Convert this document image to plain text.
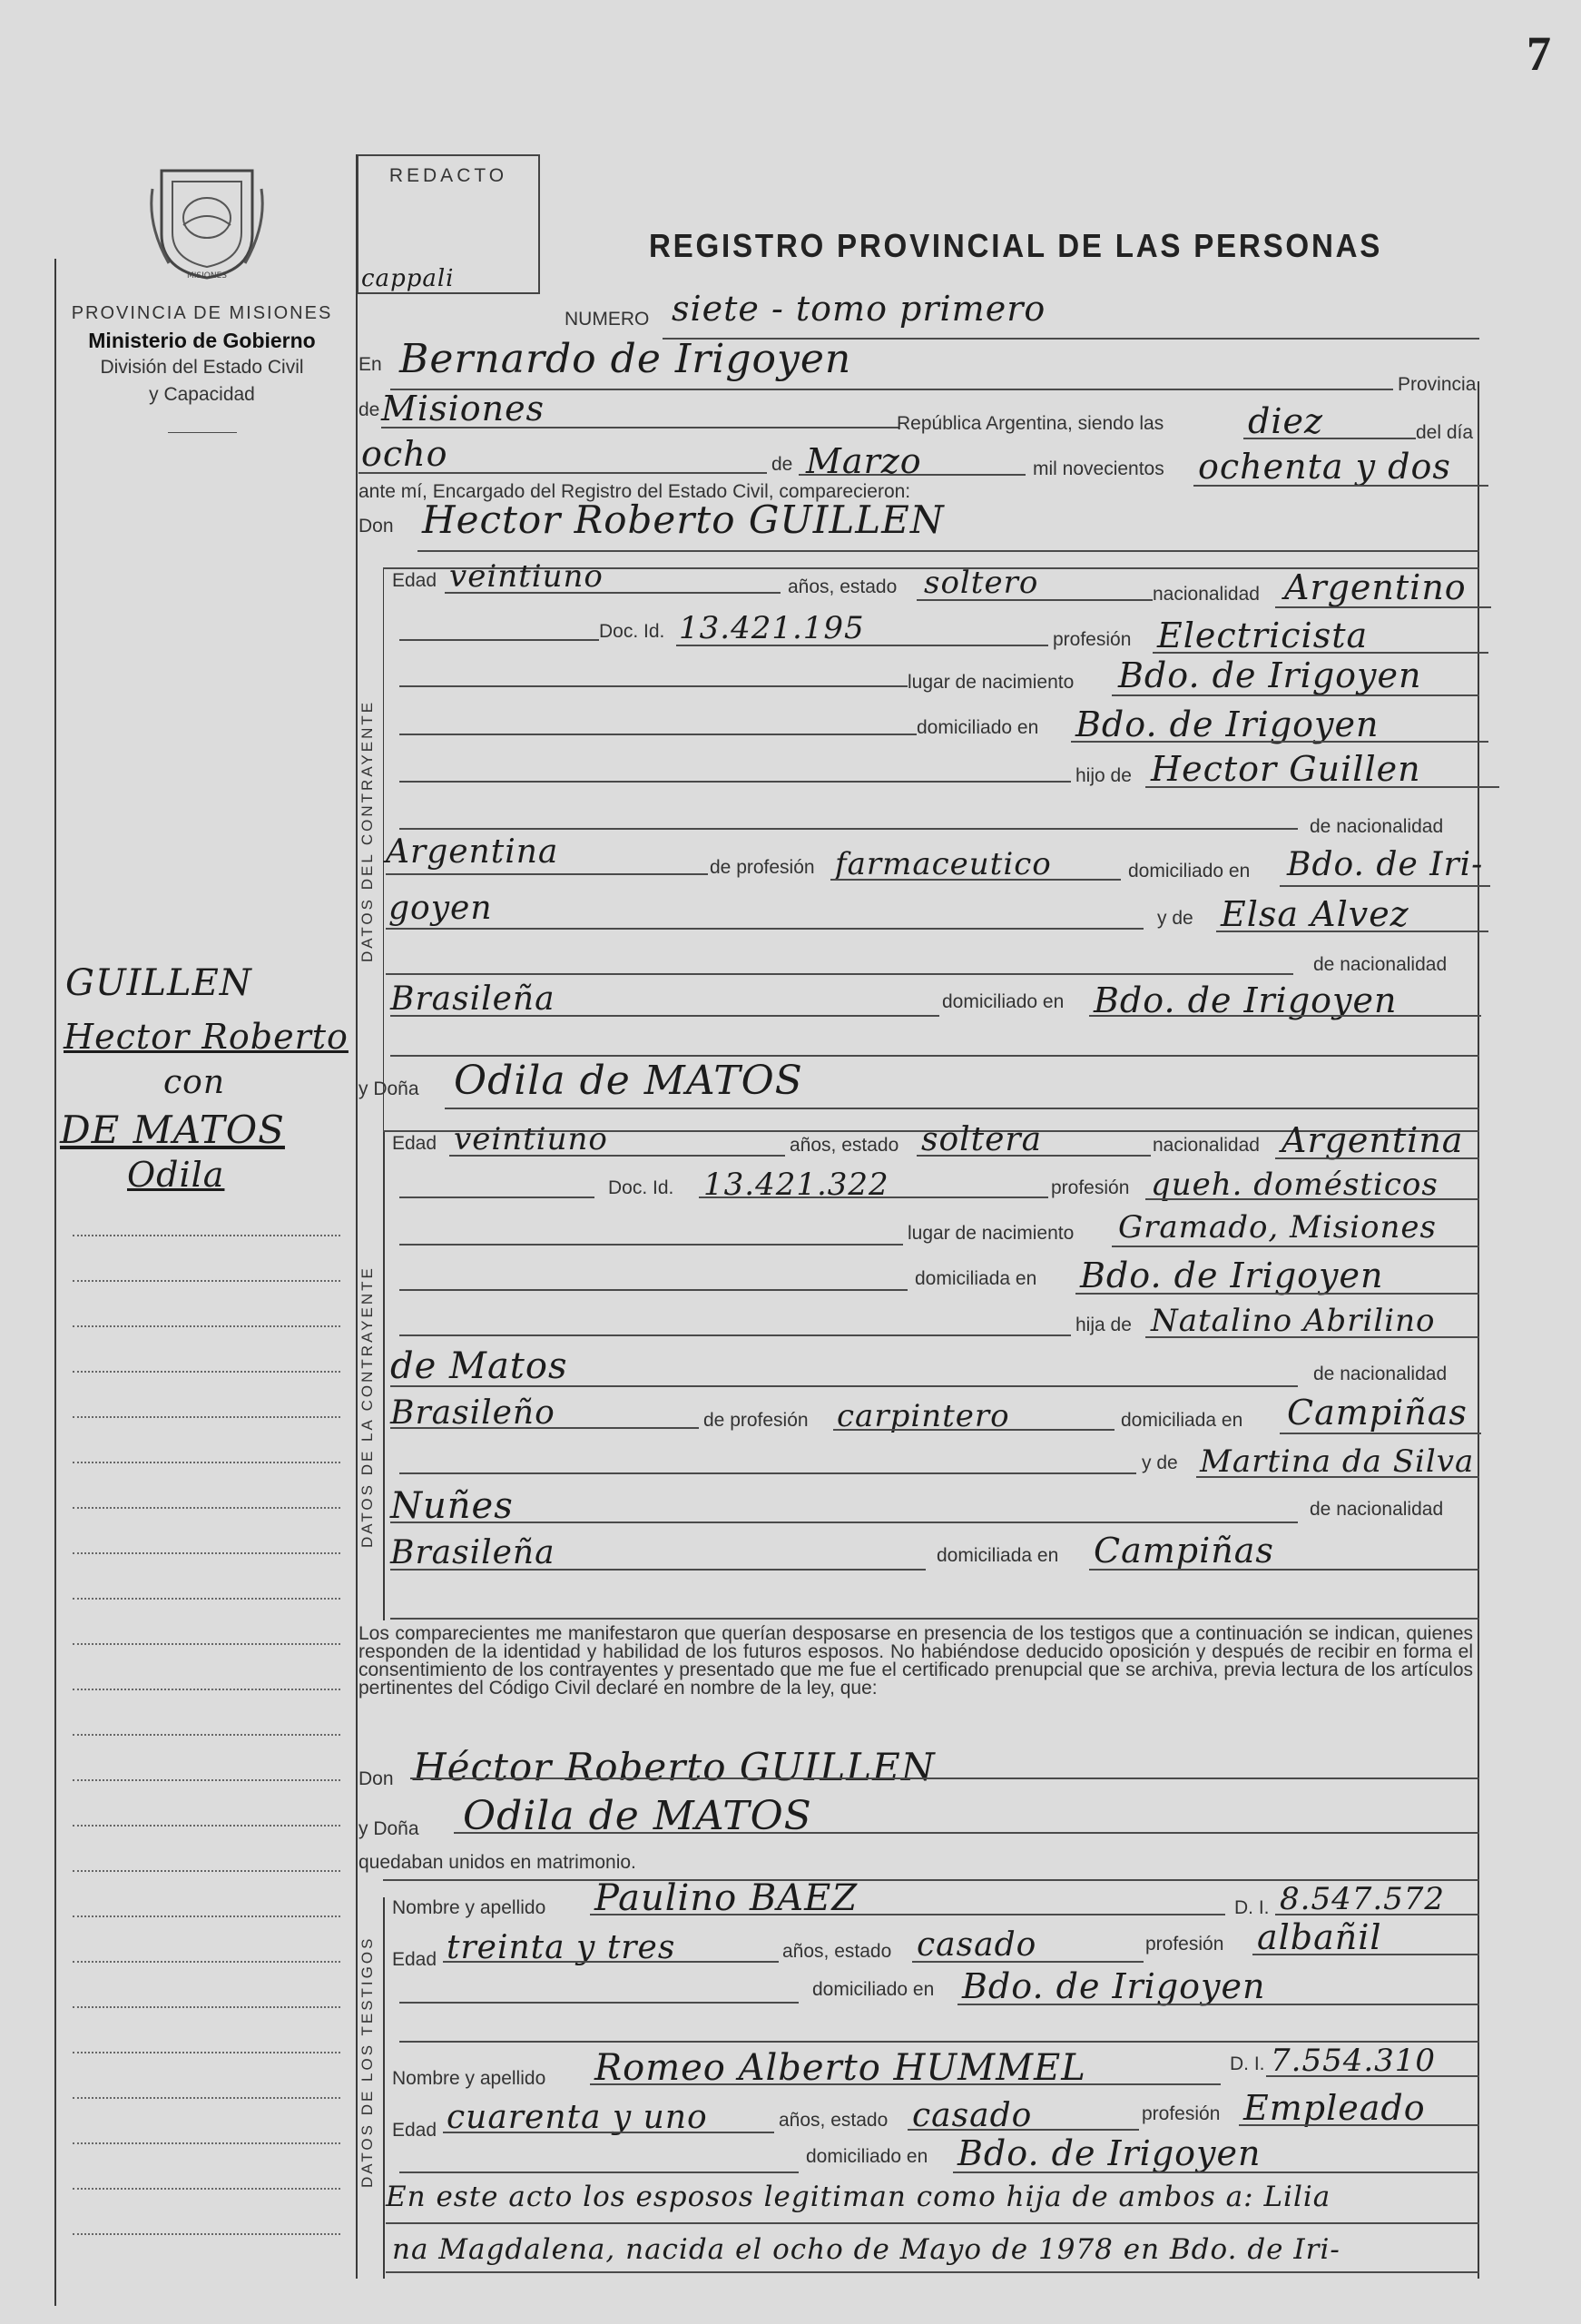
7
REDACTO
cappali
MISIONES
PROVINCIA DE MISIONES
Ministerio de Gobierno
División del Estado Civil
y Capacidad
REGISTRO PROVINCIAL DE LAS PERSONAS
DATOS DEL CONTRAYENTE
DATOS DE LA CONTRAYENTE
DATOS DE LOS TESTIGOS
GUILLEN
Hector Roberto
con
DE MATOS
Odila
NUMERO siete - tomo primero
En Bernardo de Irigoyen
Provincia
de Misiones	República Argentina, siendo las diez	del día
ocho	de Marzo	mil novecientos ochenta y dos
ante mí, Encargado del Registro del Estado Civil, comparecieron:
Don Hector Roberto GUILLEN
Edad veintiuno	años, estado soltero	nacionalidad Argentino
Doc. Id. 13.421.195	profesión Electricista
lugar de nacimiento Bdo. de Irigoyen
domiciliado en Bdo. de Irigoyen
hijo de Hector Guillen
de nacionalidad
Argentina	de profesión farmaceutico	domiciliado en Bdo. de Iri-
goyen	y de Elsa Alvez
de nacionalidad
Brasileña	domiciliado en Bdo. de Irigoyen
y Doña Odila de MATOS
Edad veintiuno	años, estado soltera	nacionalidad Argentina
Doc. Id. 13.421.322	profesión queh. domésticos
lugar de nacimiento Gramado, Misiones
domiciliada en Bdo. de Irigoyen
hija de Natalino Abrilino
de Matos	de nacionalidad
Brasileño	de profesión carpintero	domiciliada en Campiñas
y de Martina da Silva
Nuñes	de nacionalidad
Brasileña	domiciliada en Campiñas
Los comparecientes me manifestaron que querían desposarse en presencia de los testigos que a continuación se indican, quienes responden de la identidad y habilidad de los futuros esposos. No habiéndose deducido oposición y después de recibir en forma el consentimiento de los contrayentes y presentado que me fue el certificado prenupcial que se archiva, previa lectura de los artículos pertinentes del Código Civil declaré en nombre de la ley, que:
Don Héctor Roberto GUILLEN
y Doña Odila de MATOS
quedaban unidos en matrimonio.
Nombre y apellido Paulino BAEZ	D. I. 8.547.572
Edad treinta y tres	años, estado casado	profesión albañil
domiciliado en Bdo. de Irigoyen
Nombre y apellido Romeo Alberto HUMMEL	D. I. 7.554.310
Edad cuarenta y uno	años, estado casado	profesión Empleado
domiciliado en Bdo. de Irigoyen
En este acto los esposos legitiman como hija de ambos a: Lilia
na Magdalena, nacida el ocho de Mayo de 1978 en Bdo. de Iri-
